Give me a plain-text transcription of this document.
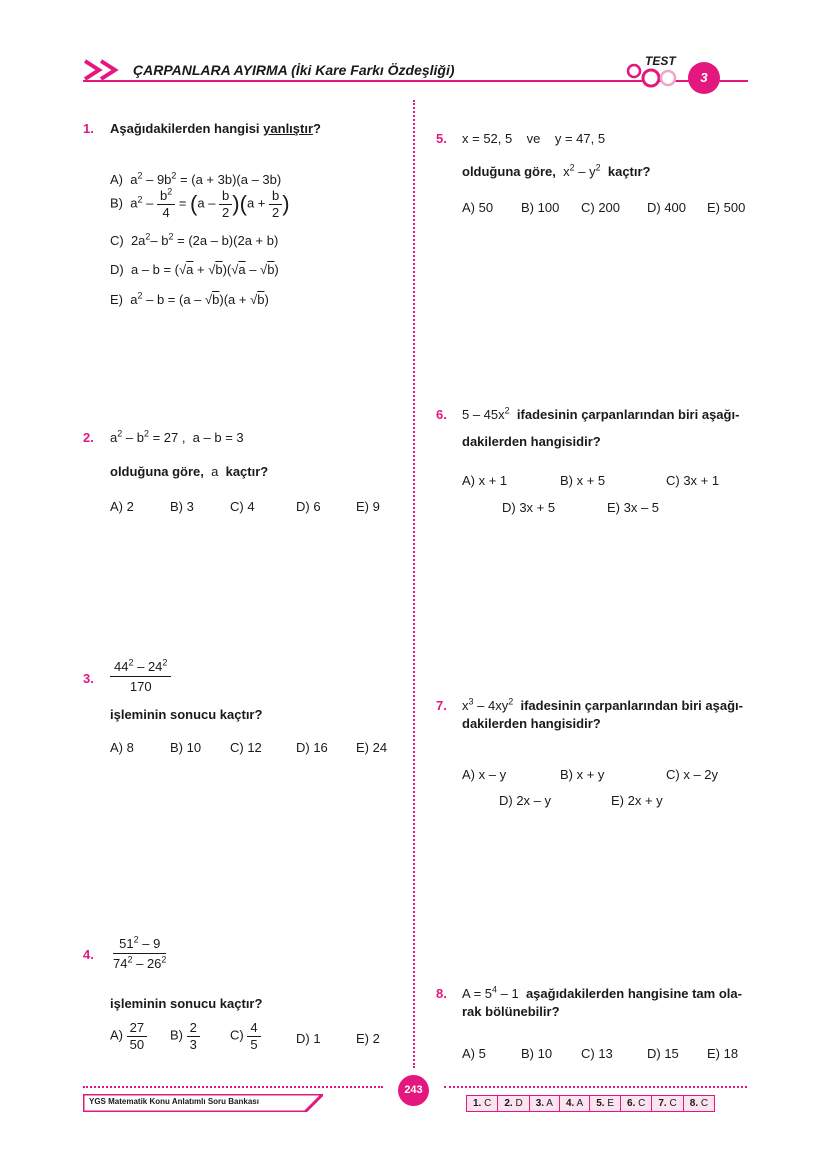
ÇARPANLARA AYIRMA (İki Kare Farkı Özdeşliği)
TEST
3
1. Aşağıdakilerden hangisi yanlıştır?
A)  $a^2 - 9b^2 = (a + 3b)(a - 3b)$
B)  $a^2 - \frac{b^2}{4} = (a - \frac{b}{2} )(a + \frac{b}{2}$ )
C)  $2a^2-$ $b^2 = (2a - b)(2a + b)$
D)  a – b = (√a + √b)(√a – √b)
E)  $a^2 - b = (a - √b)(a + √b)$
2. $a^2 - b^2 = 27$ ,  a – b = 3
olduğuna göre, a kaçtır?
A) 2	B) 3	C) 4	D) 6	E) 9
3. $\frac{44^2 - 24^2}{170}$
işleminin sonucu kaçtır?
A) 8	B) 10 C) 12	D) 16 E) 24
4. $\frac{51^2 - 9}{74^2 - 26^2}$
işleminin sonucu kaçtır?
$A) \frac{27}{50} B) \frac{2}{3} C) \frac{4}{5}$	D) 1	E) 2
5. x = 52, 5    ve    y = 47, 5
olduğuna göre,  $x^2 - y^2$ kaçtır?
A) 50 B) 100 C) 200 D) 400 E) 500
6. $5 - 45x^2$ ifadesinin çarpanlarından biri aşağı-
dakilerden hangisidir?
A) x + 1	B) x + 5	C) 3x + 1
D) 3x + 5	E) 3x – 5
7. $x^3 - 4xy^2$ ifadesinin çarpanlarından biri aşağı-
dakilerden hangisidir?
A) x – y	B) x + y	C) x – 2y
D) 2x – y	E) 2x + y
8. $A = 5^4 - 1$  aşağıdakilerden hangisine tam ola-
rak bölünebilir?
A) 5	B) 10 C) 13	D) 15 E) 18
YGS Matematik Konu Anlatımlı Soru Bankası
243
1. C 2. D 3. A 4. A 5. E 6. C 7. C 8. C
